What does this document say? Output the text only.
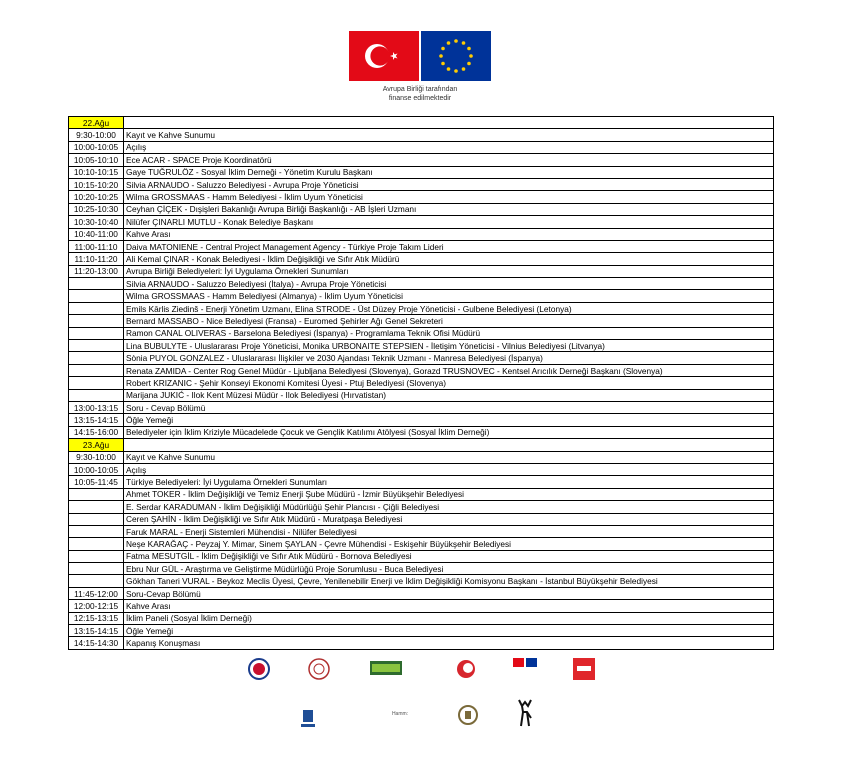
Avrupa Birliği tarafından
finanse edilmektedir
22.Ağu	
9:30-10:00	Kayıt ve Kahve Sunumu
10:00-10:05	Açılış
10:05-10:10	Ece ACAR - SPACE Proje Koordinatörü
10:10-10:15	Gaye TUĞRULÖZ - Sosyal İklim Derneği - Yönetim Kurulu Başkanı
10:15-10:20	Silvia ARNAUDO - Saluzzo Belediyesi - Avrupa Proje Yöneticisi
10:20-10:25	Wilma GROSSMAAS - Hamm Belediyesi - İklim Uyum Yöneticisi
10:25-10:30	Ceyhan ÇİÇEK - Dışişleri Bakanlığı Avrupa Birliği Başkanlığı - AB İşleri Uzmanı
10:30-10:40	Nilüfer ÇINARLI MUTLU - Konak Belediye Başkanı
10:40-11:00	Kahve Arası
11:00-11:10	Daiva MATONIENE - Central Project Management Agency - Türkiye Proje Takım Lideri
11:10-11:20	Ali Kemal ÇINAR - Konak Belediyesi - İklim Değişikliği ve Sıfır Atık Müdürü
11:20-13:00	Avrupa Birliği Belediyeleri: İyi Uygulama Örnekleri Sunumları
	Silvia ARNAUDO - Saluzzo Belediyesi (İtalya) - Avrupa Proje Yöneticisi
	Wilma GROSSMAAS - Hamm Belediyesi (Almanya) - İklim Uyum Yöneticisi
	Emils Kārlis Ziedinš - Enerji Yönetim Uzmanı, Elina STRODE - Üst Düzey Proje Yöneticisi - Gulbene Belediyesi (Letonya)
	Bernard MASSABO - Nice Belediyesi (Fransa) - Euromed Şehirler Ağı Genel Sekreteri
	Ramon CANAL OLIVERAS - Barselona Belediyesi (İspanya) - Programlama Teknik Ofisi Müdürü
	Lina BUBULYTE - Uluslararası Proje Yöneticisi, Monika URBONAITE STEPSIEN - İletişim Yöneticisi - Vilnius Belediyesi (Litvanya)
	Sònia PUYOL GONZALEZ - Uluslararası İlişkiler ve 2030 Ajandası Teknik Uzmanı - Manresa Belediyesi (İspanya)
	Renata ZAMIDA - Center Rog Genel Müdür - Ljubljana Belediyesi (Slovenya), Gorazd TRUSNOVEC - Kentsel Arıcılık Derneği Başkanı (Slovenya)
	Robert KRIZANIC - Şehir Konseyi Ekonomi Komitesi Üyesi - Ptuj Belediyesi (Slovenya)
	Marijana JUKIĆ - Ilok Kent Müzesi Müdür - Ilok Belediyesi (Hırvatistan)
13:00-13:15	Soru - Cevap Bölümü
13:15-14:15	Öğle Yemeği
14:15-16:00	Belediyeler için İklim Kriziyle Mücadelede Çocuk ve Gençlik Katılımı Atölyesi (Sosyal İklim Derneği)
23.Ağu	
9:30-10:00	Kayıt ve Kahve Sunumu
10:00-10:05	Açılış
10:05-11:45	Türkiye Belediyeleri: İyi Uygulama Örnekleri Sunumları
	Ahmet TOKER - İklim Değişikliği ve Temiz Enerji Şube Müdürü - İzmir Büyükşehir Belediyesi
	E. Serdar KARADUMAN - İklim Değişikliği Müdürlüğü Şehir Plancısı - Çiğli Belediyesi
	Ceren ŞAHİN - İklim Değişikliği ve Sıfır Atık Müdürü - Muratpaşa Belediyesi
	Faruk MARAL - Enerji Sistemleri Mühendisi - Nilüfer Belediyesi
	Neşe KARAĞAÇ - Peyzaj Y. Mimar, Sinem ŞAYLAN - Çevre Mühendisi - Eskişehir Büyükşehir Belediyesi
	Fatma MESUTGİL - İklim Değişikliği ve Sıfır Atık Müdürü - Bornova Belediyesi
	Ebru Nur GÜL - Araştırma ve Geliştirme Müdürlüğü Proje Sorumlusu - Buca Belediyesi
	Gökhan Taneri VURAL - Beykoz Meclis Üyesi, Çevre, Yenilenebilir Enerji ve İklim Değişikliği Komisyonu Başkanı - İstanbul Büyükşehir Belediyesi
11:45-12:00	Soru-Cevap Bölümü
12:00-12:15	Kahve Arası
12:15-13:15	İklim Paneli (Sosyal İklim Derneği)
13:15-14:15	Öğle Yemeği
14:15-14:30	Kapanış Konuşması
Hamm:
